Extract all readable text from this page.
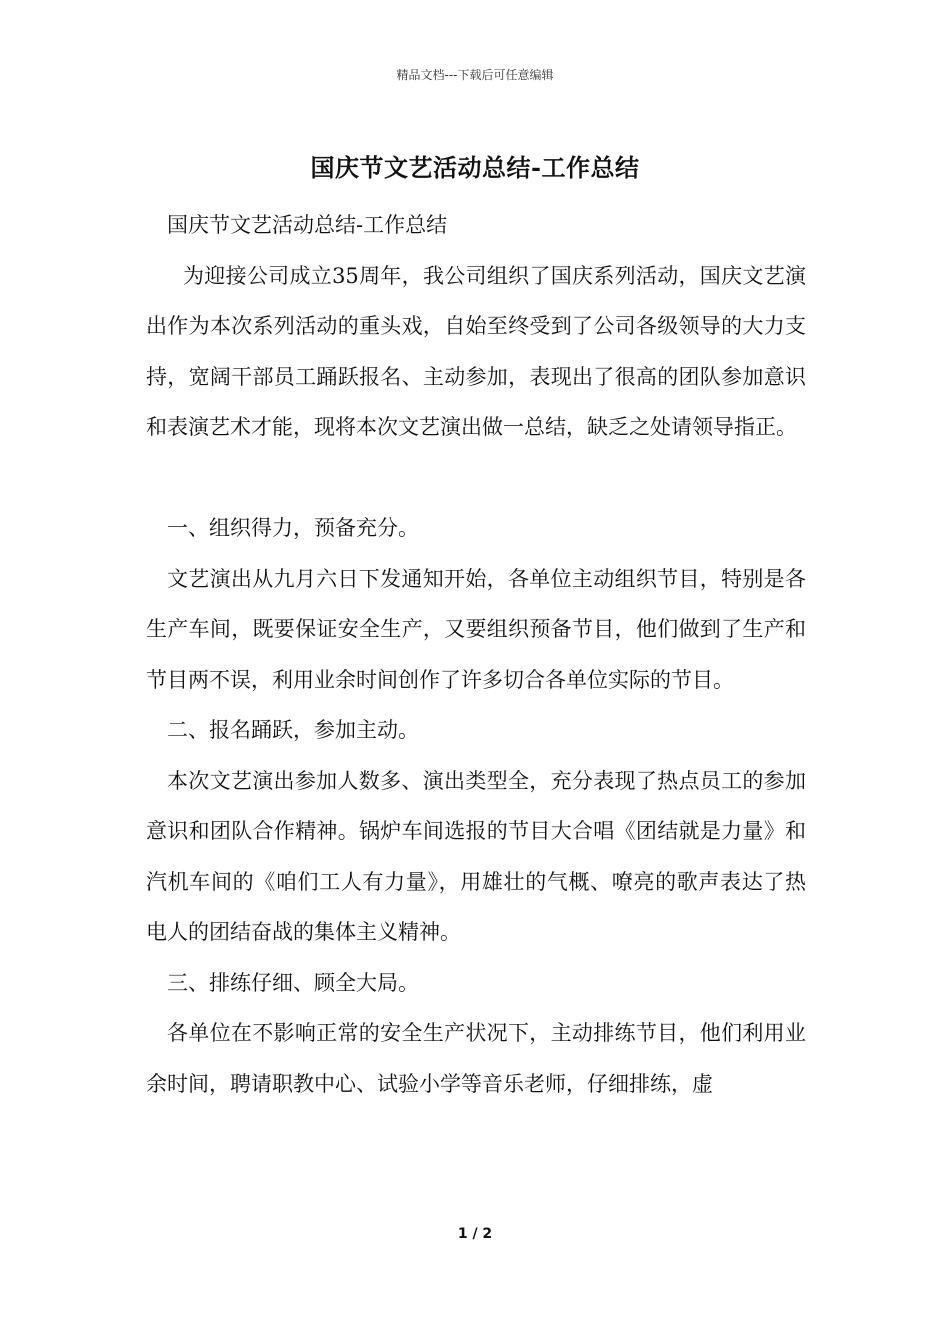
精品文档---下载后可任意编辑
国庆节文艺活动总结-工作总结

国庆节文艺活动总结-工作总结

为迎接公司成立35周年，我公司组织了国庆系列活动，国庆文艺演出作为本次系列活动的重头戏，自始至终受到了公司各级领导的大力支持，宽阔干部员工踊跃报名、主动参加，表现出了很高的团队参加意识和表演艺术才能，现将本次文艺演出做一总结，缺乏之处请领导指正。

一、组织得力，预备充分。

文艺演出从九月六日下发通知开始，各单位主动组织节目，特别是各生产车间，既要保证安全生产，又要组织预备节目，他们做到了生产和节目两不误，利用业余时间创作了许多切合各单位实际的节目。

二、报名踊跃，参加主动。

本次文艺演出参加人数多、演出类型全，充分表现了热点员工的参加意识和团队合作精神。锅炉车间选报的节目大合唱《团结就是力量》和汽机车间的《咱们工人有力量》，用雄壮的气概、嘹亮的歌声表达了热电人的团结奋战的集体主义精神。

三、排练仔细、顾全大局。

各单位在不影响正常的安全生产状况下，主动排练节目，他们利用业余时间，聘请职教中心、试验小学等音乐老师，仔细排练，虚

1 / 2
